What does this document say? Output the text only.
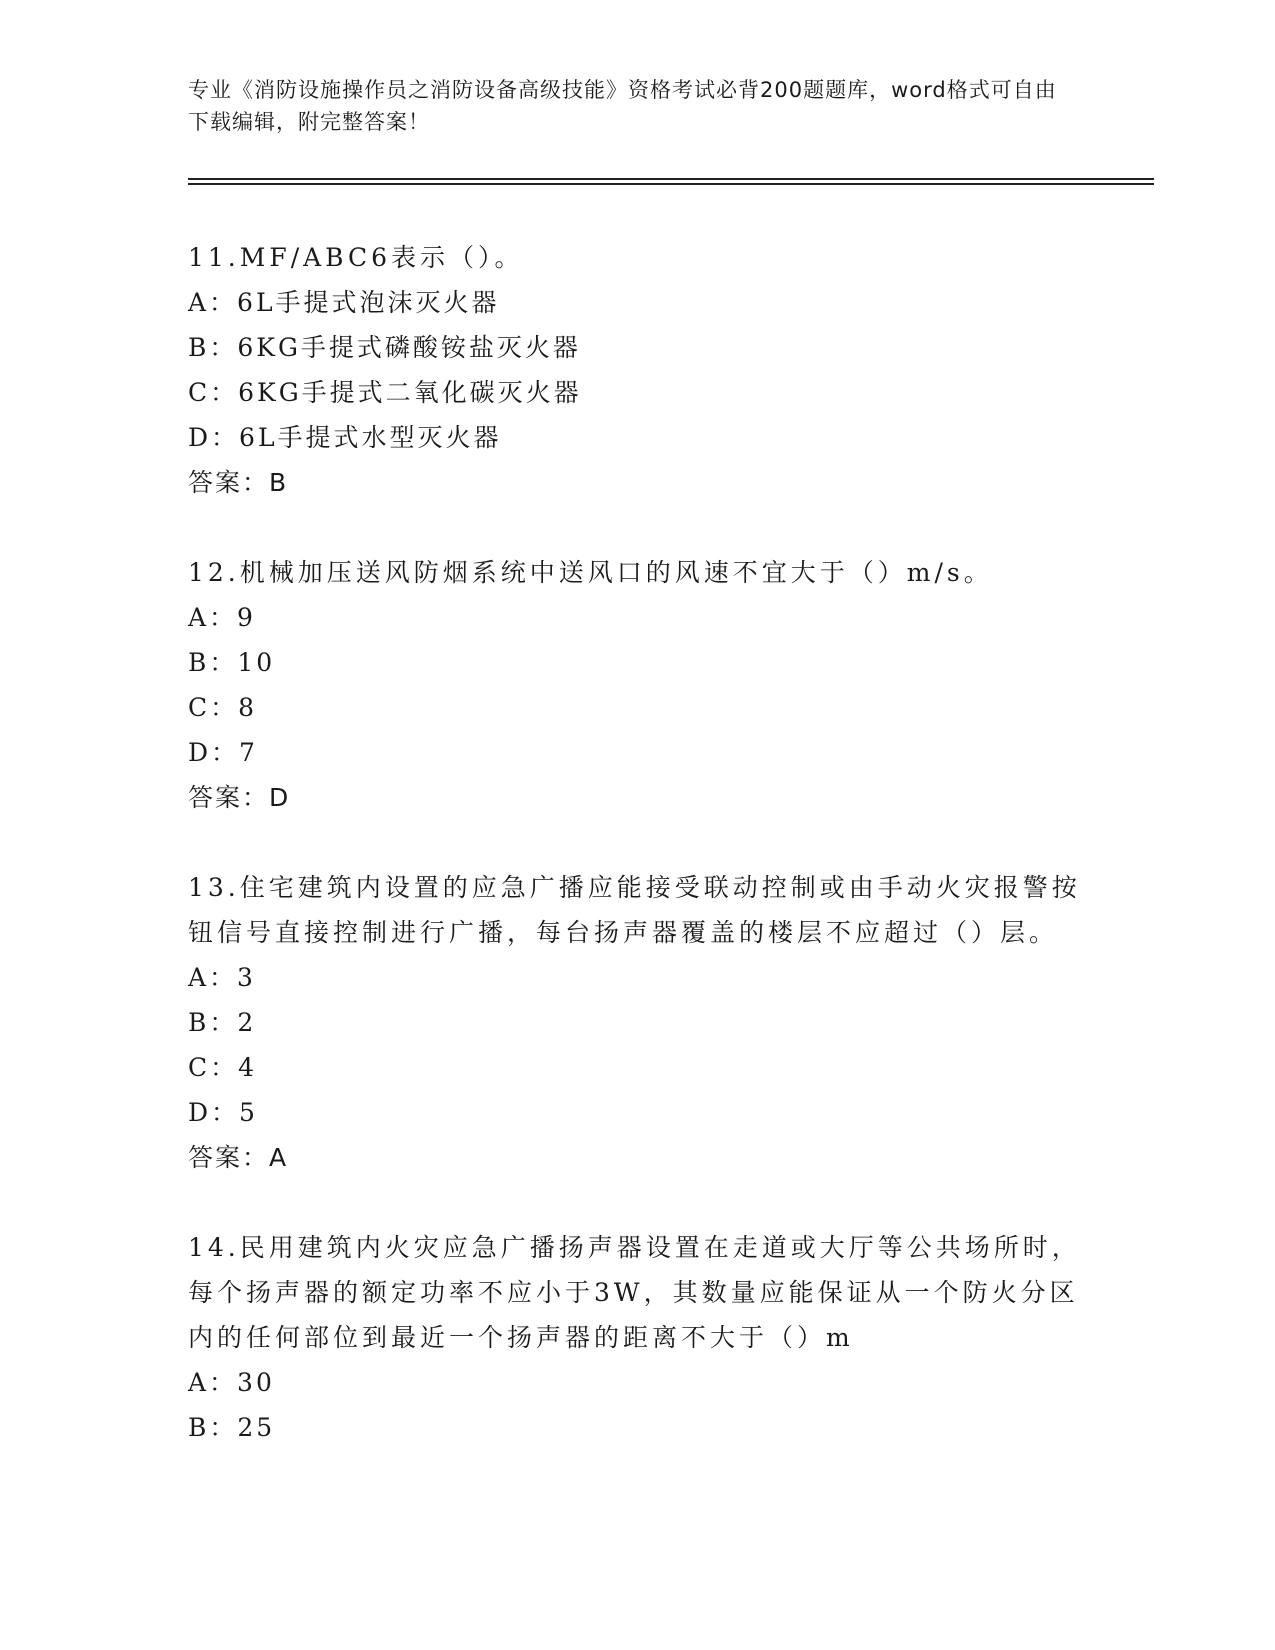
专业《消防设施操作员之消防设备高级技能》资格考试必背200题题库，word格式可自由下载编辑，附完整答案！

11.MF/ABC6表示（）。

A：6L手提式泡沫灭火器

B：6KG手提式磷酸铵盐灭火器

C：6KG手提式二氧化碳灭火器

D：6L手提式水型灭火器

答案：B

12.机械加压送风防烟系统中送风口的风速不宜大于（）m/s。

A：9

B：10

C：8

D：7

答案：D

13.住宅建筑内设置的应急广播应能接受联动控制或由手动火灾报警按钮信号直接控制进行广播，每台扬声器覆盖的楼层不应超过（）层。

A：3

B：2

C：4

D：5

答案：A

14.民用建筑内火灾应急广播扬声器设置在走道或大厅等公共场所时，每个扬声器的额定功率不应小于3W，其数量应能保证从一个防火分区内的任何部位到最近一个扬声器的距离不大于（）m

A：30

B：25
